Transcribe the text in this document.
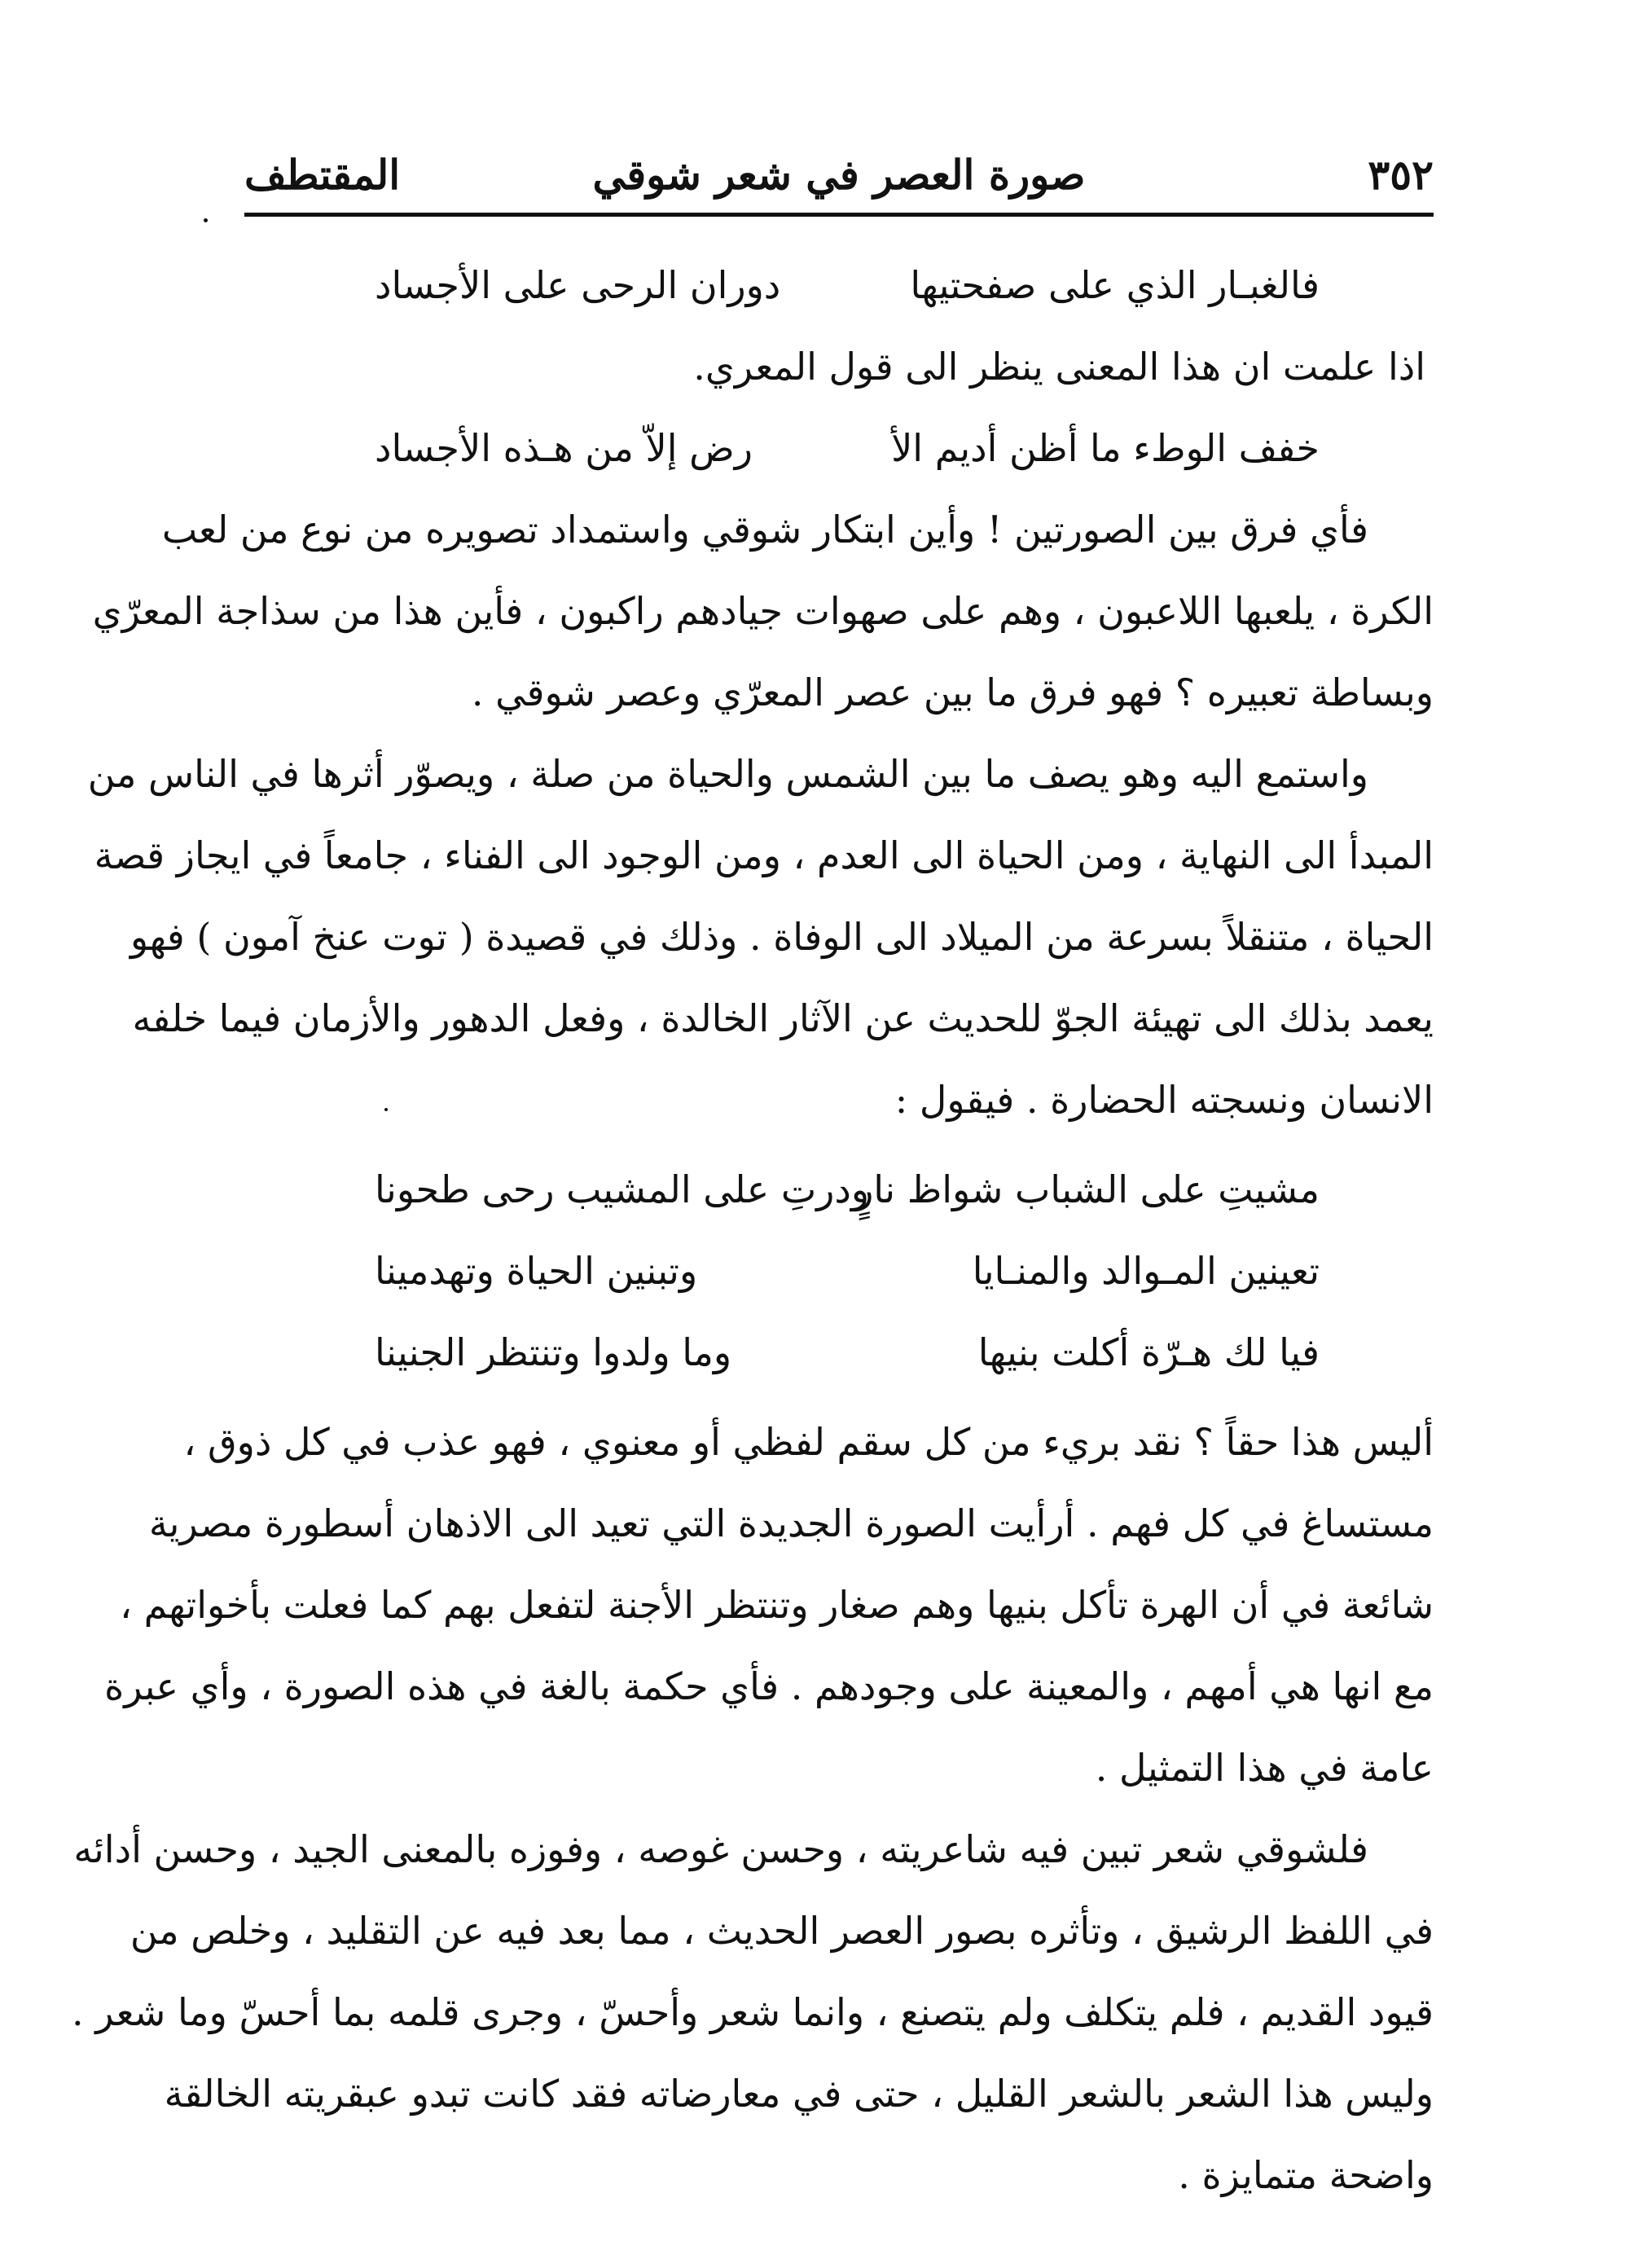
٣٥٢
صورة العصر في شعر شوقي
المقتطف
فالغبـار الذي على صفحتيها
دوران الرحى على الأجساد
اذا علمت ان هذا المعنى ينظر الى قول المعري.
خفف الوطء ما أظن أديم الأ
رض إلاّ من هـذه الأجساد
فأي فرق بين الصورتين ! وأين ابتكار شوقي واستمداد تصويره من نوع من لعب
الكرة ، يلعبها اللاعبون ، وهم على صهوات جيادهم راكبون ، فأين هذا من سذاجة المعرّي
وبساطة تعبيره ؟ فهو فرق ما بين عصر المعرّي وعصر شوقي .
واستمع اليه وهو يصف ما بين الشمس والحياة من صلة ، ويصوّر أثرها في الناس من
المبدأ الى النهاية ، ومن الحياة الى العدم ، ومن الوجود الى الفناء ، جامعاً في ايجاز قصة
الحياة ، متنقلاً بسرعة من الميلاد الى الوفاة . وذلك في قصيدة ( توت عنخ آمون ) فهو
يعمد بذلك الى تهيئة الجوّ للحديث عن الآثار الخالدة ، وفعل الدهور والأزمان فيما خلفه
الانسان ونسجته الحضارة . فيقول :
مشيتِ على الشباب شواظ نارٍ
ودرتِ على المشيب رحى طحونا
تعينين المـوالد والمنـايا
وتبنين الحياة وتهدمينا
فيا لك هـرّة أكلت بنيها
وما ولدوا وتنتظر الجنينا
أليس هذا حقاً ؟ نقد بريء من كل سقم لفظي أو معنوي ، فهو عذب في كل ذوق ،
مستساغ في كل فهم . أرأيت الصورة الجديدة التي تعيد الى الاذهان أسطورة مصرية
شائعة في أن الهرة تأكل بنيها وهم صغار وتنتظر الأجنة لتفعل بهم كما فعلت بأخواتهم ،
مع انها هي أمهم ، والمعينة على وجودهم . فأي حكمة بالغة في هذه الصورة ، وأي عبرة
عامة في هذا التمثيل .
فلشوقي شعر تبين فيه شاعريته ، وحسن غوصه ، وفوزه بالمعنى الجيد ، وحسن أدائه
في اللفظ الرشيق ، وتأثره بصور العصر الحديث ، مما بعد فيه عن التقليد ، وخلص من
قيود القديم ، فلم يتكلف ولم يتصنع ، وانما شعر وأحسّ ، وجرى قلمه بما أحسّ وما شعر .
وليس هذا الشعر بالشعر القليل ، حتى في معارضاته فقد كانت تبدو عبقريته الخالقة
واضحة متمايزة .
